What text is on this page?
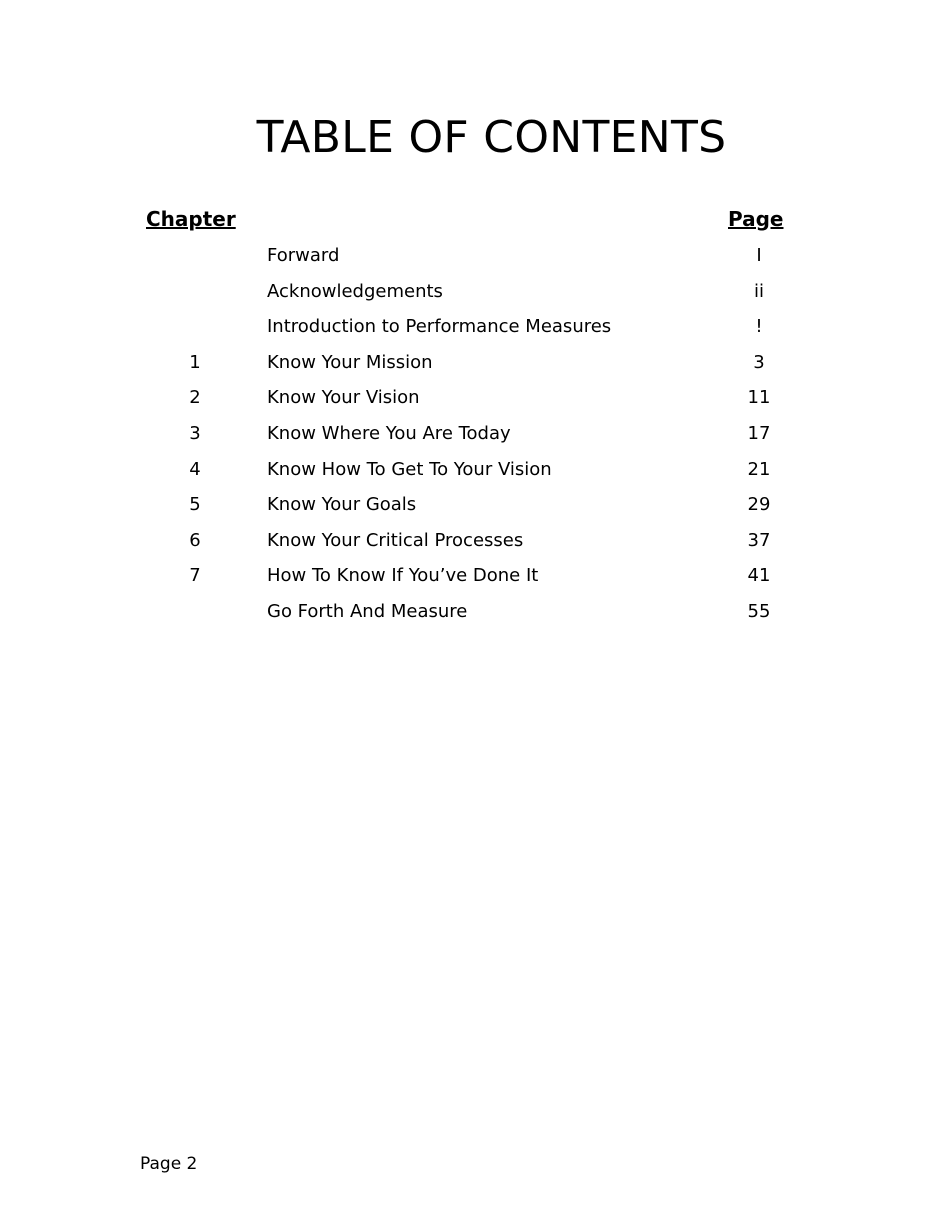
TABLE OF CONTENTS
Chapter	Page
Forward	I
Acknowledgements	ii
Introduction to Performance Measures	!
1	Know Your Mission	3
2	Know Your Vision	11
3	Know Where You Are Today	17
4	Know How To Get To Your Vision	21
5	Know Your Goals	29
6	Know Your Critical Processes	37
7	How To Know If You’ve Done It	41
Go Forth And Measure	55
Page 2
